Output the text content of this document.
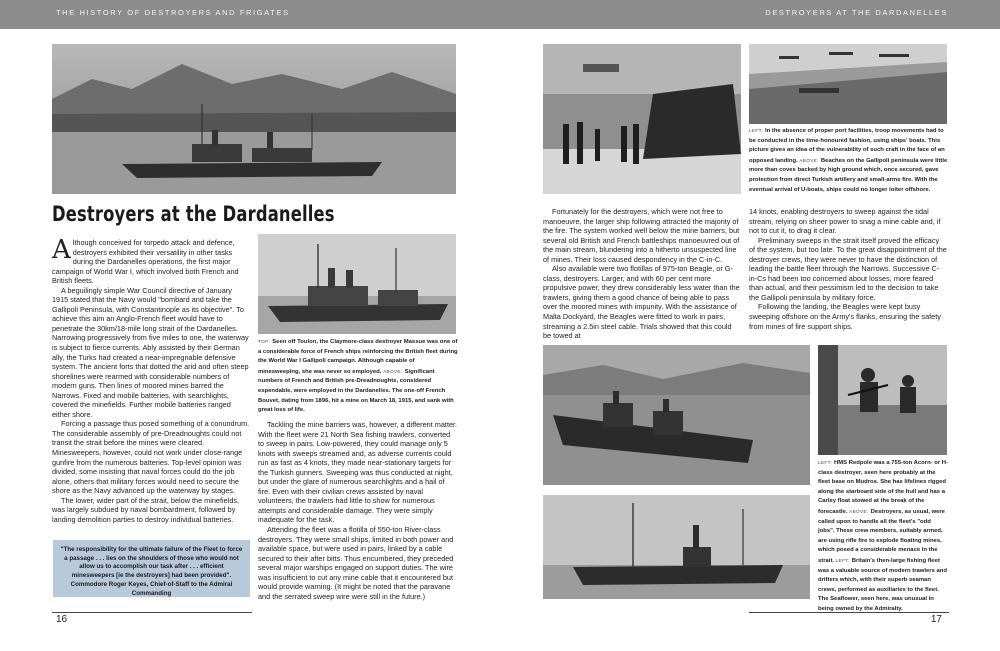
THE HISTORY OF DESTROYERS AND FRIGATES	DESTROYERS AT THE DARDANELLES
Destroyers at the Dardanelles

Although conceived for torpedo attack and defence, destroyers exhibited their versatility in other tasks during the Dardanelles operations, the first major campaign of World War I, which involved both French and British fleets.

A beguilingly simple War Council directive of January 1915 stated that the Navy would "bombard and take the Gallipoli Peninsula, with Constantinople as its objective". To achieve this aim an Anglo-French fleet would have to penetrate the 30km/18-mile long strait of the Dardanelles. Narrowing progressively from five miles to one, the waterway is subject to fierce currents. Ably assisted by their German ally, the Turks had created a near-impregnable defensive system. The ancient forts that dotted the arid and often steep shorelines were rearmed with considerable numbers of modern guns. Then lines of moored mines barred the Narrows. Fixed and mobile batteries, with searchlights, covered the minefields. Further mobile batteries ranged either shore.

Forcing a passage thus posed something of a conundrum. The considerable assembly of pre-Dreadnoughts could not transit the strait before the mines were cleared. Minesweepers, however, could not work under close-range gunfire from the numerous batteries. Top-level opinion was divided, some insisting that naval forces could do the job alone, others that military forces would need to secure the shore as the Navy advanced up the waterway by stages.

The lower, wider part of the strait, below the minefields, was largely subdued by naval bombardment, followed by landing demolition parties to destroy individual batteries.

"The responsibility for the ultimate failure of the Fleet to force a passage . . . lies on the shoulders of those who would not allow us to accomplish our task after . . . efficient minesweepers [ie the destroyers] had been provided". Commodore Roger Keyes, Chief-of-Staff to the Admiral Commanding
TOP: Seen off Toulon, the Claymore-class destroyer Massue was one of a considerable force of French ships reinforcing the British fleet during the World War I Gallipoli campaign. Although capable of minesweeping, she was never so employed. ABOVE: Significant numbers of French and British pre-Dreadnoughts, considered expendable, were employed in the Dardanelles. The one-off French Bouvet, dating from 1896, hit a mine on March 18, 1915, and sank with great loss of life.

Tackling the mine barriers was, however, a different matter. With the fleet were 21 North Sea fishing trawlers, converted to sweep in pairs. Low-powered, they could manage only 5 knots with sweeps streamed and, as adverse currents could run as fast as 4 knots, they made near-stationary targets for the Turkish gunners. Sweeping was thus conducted at night, but under the glare of numerous searchlights and a hail of fire. Even with their civilian crews assisted by naval volunteers, the trawlers had little to show for numerous attempts and considerable damage. They were simply inadequate for the task.

Attending the fleet was a flotilla of 550-ton River-class destroyers. They were small ships, limited in both power and available space, but were used in pairs, linked by a cable secured to their after bitts. Thus encumbered, they preceded several major warships engaged on support duties. The wire was insufficient to cut any mine cable that it encountered but would provide warning. (It might be noted that the paravane and the serrated sweep wire were still in the future.)

16
LEFT: In the absence of proper port facilities, troop movements had to be conducted in the time-honoured fashion, using ships' boats. This picture gives an idea of the vulnerability of such craft in the face of an opposed landing. ABOVE: Beaches on the Gallipoli peninsula were little more than coves backed by high ground which, once secured, gave protection from direct Turkish artillery and small-arms fire. With the eventual arrival of U-boats, ships could no longer loiter offshore.

Fortunately for the destroyers, which were not free to manoeuvre, the larger ship following attracted the majority of the fire. The system worked well below the mine barriers, but several old British and French battleships manoeuvred out of the main stream, blundering into a hitherto unsuspected line of mines. Their loss caused despondency in the C-in-C.

Also available were two flotillas of 975-ton Beagle, or G-class, destroyers. Larger, and with 60 per cent more propulsive power, they drew considerably less water than the trawlers, giving them a good chance of being able to pass over the moored mines with impunity. With the assistance of Malta Dockyard, the Beagles were fitted to work in pairs, streaming a 2.5in steel cable. Trials showed that this could be towed at

14 knots, enabling destroyers to sweep against the tidal stream, relying on sheer power to snag a mine cable and, if not to cut it, to drag it clear.

Preliminary sweeps in the strait itself proved the efficacy of the system, but too late. To the great disappointment of the destroyer crews, they were never to have the distinction of leading the battle fleet through the Narrows. Successive C-in-Cs had been too concerned about losses, more feared than actual, and their pessimism led to the decision to take the Gallipoli peninsula by military force.

Following the landing, the Beagles were kept busy sweeping offshore on the Army's flanks, ensuring the safety from mines of fire support ships.

LEFT: HMS Redpole was a 755-ton Acorn- or H-class destroyer, seen here probably at the fleet base on Mudros. She has lifelines rigged along the starboard side of the hull and has a Carley float stowed at the break of the forecastle. ABOVE: Destroyers, as usual, were called upon to handle all the fleet's "odd jobs". These crew members, suitably armed, are using rifle fire to explode floating mines, which posed a considerable menace in the strait. LEFT: Britain's then-large fishing fleet was a valuable source of modern trawlers and drifters which, with their superb seaman crews, performed as auxiliaries to the fleet. The Seaflower, seen here, was unusual in being owned by the Admiralty.
17
